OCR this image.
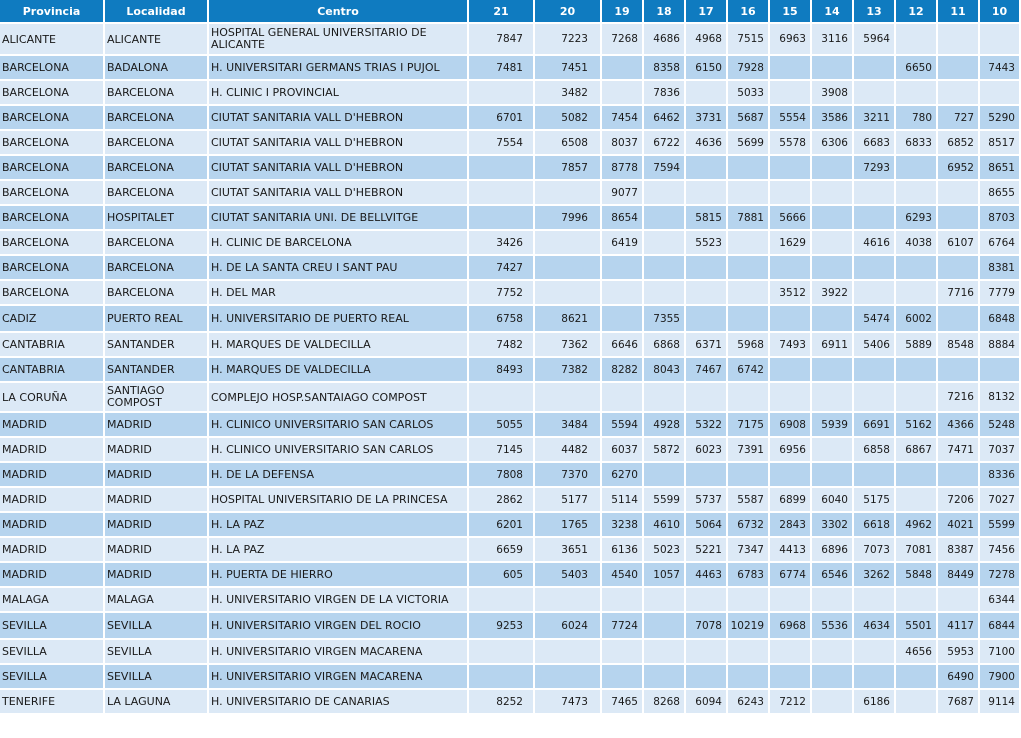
Provincia	Localidad	Centro	21	20	19	18	17	16	15	14	13	12	11	10
ALICANTE	ALICANTE	HOSPITAL GENERAL UNIVERSITARIO DE ALICANTE	7847	7223	7268	4686	4968	7515	6963	3116	5964			
BARCELONA	BADALONA	H. UNIVERSITARI GERMANS TRIAS I PUJOL	7481	7451		8358	6150	7928				6650		7443
BARCELONA	BARCELONA	H. CLINIC I PROVINCIAL		3482		7836		5033		3908				
BARCELONA	BARCELONA	CIUTAT SANITARIA VALL D'HEBRON	6701	5082	7454	6462	3731	5687	5554	3586	3211	780	727	5290
BARCELONA	BARCELONA	CIUTAT SANITARIA VALL D'HEBRON	7554	6508	8037	6722	4636	5699	5578	6306	6683	6833	6852	8517
BARCELONA	BARCELONA	CIUTAT SANITARIA VALL D'HEBRON		7857	8778	7594					7293		6952	8651
BARCELONA	BARCELONA	CIUTAT SANITARIA VALL D'HEBRON			9077									8655
BARCELONA	HOSPITALET	CIUTAT SANITARIA UNI. DE BELLVITGE		7996	8654		5815	7881	5666			6293		8703
BARCELONA	BARCELONA	H. CLINIC DE BARCELONA	3426		6419		5523		1629		4616	4038	6107	6764
BARCELONA	BARCELONA	H. DE LA SANTA CREU I SANT PAU	7427											8381
BARCELONA	BARCELONA	H. DEL MAR	7752						3512	3922			7716	7779
CADIZ	PUERTO REAL	H. UNIVERSITARIO DE PUERTO REAL	6758	8621		7355					5474	6002		6848
CANTABRIA	SANTANDER	H. MARQUES DE VALDECILLA	7482	7362	6646	6868	6371	5968	7493	6911	5406	5889	8548	8884
CANTABRIA	SANTANDER	H. MARQUES DE VALDECILLA	8493	7382	8282	8043	7467	6742						
LA CORUÑA	SANTIAGO COMPOST	COMPLEJO HOSP.SANTAIAGO COMPOST											7216	8132
MADRID	MADRID	H. CLINICO UNIVERSITARIO SAN CARLOS	5055	3484	5594	4928	5322	7175	6908	5939	6691	5162	4366	5248
MADRID	MADRID	H. CLINICO UNIVERSITARIO SAN CARLOS	7145	4482	6037	5872	6023	7391	6956		6858	6867	7471	7037
MADRID	MADRID	H. DE LA DEFENSA	7808	7370	6270									8336
MADRID	MADRID	HOSPITAL UNIVERSITARIO DE LA PRINCESA	2862	5177	5114	5599	5737	5587	6899	6040	5175		7206	7027
MADRID	MADRID	H. LA PAZ	6201	1765	3238	4610	5064	6732	2843	3302	6618	4962	4021	5599
MADRID	MADRID	H. LA PAZ	6659	3651	6136	5023	5221	7347	4413	6896	7073	7081	8387	7456
MADRID	MADRID	H. PUERTA DE HIERRO	605	5403	4540	1057	4463	6783	6774	6546	3262	5848	8449	7278
MALAGA	MALAGA	H. UNIVERSITARIO VIRGEN DE LA VICTORIA												6344
SEVILLA	SEVILLA	H. UNIVERSITARIO VIRGEN DEL ROCIO	9253	6024	7724		7078	10219	6968	5536	4634	5501	4117	6844
SEVILLA	SEVILLA	H. UNIVERSITARIO VIRGEN MACARENA										4656	5953	7100
SEVILLA	SEVILLA	H. UNIVERSITARIO VIRGEN MACARENA											6490	7900
TENERIFE	LA LAGUNA	H. UNIVERSITARIO DE CANARIAS	8252	7473	7465	8268	6094	6243	7212		6186		7687	9114
